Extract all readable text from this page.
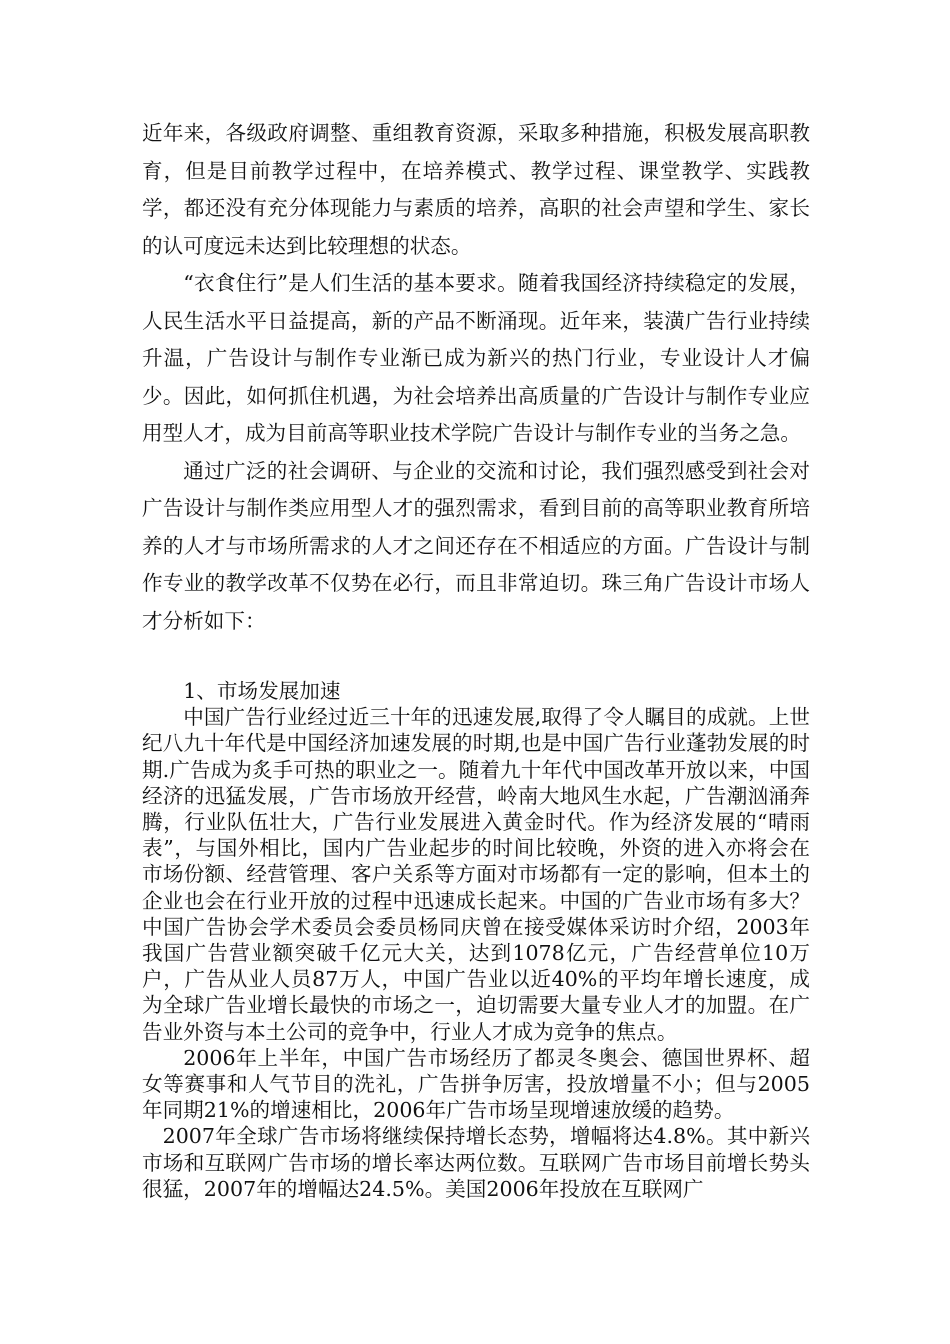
近年来，各级政府调整、重组教育资源，采取多种措施，积极发展高职教育，但是目前教学过程中，在培养模式、教学过程、课堂教学、实践教学，都还没有充分体现能力与素质的培养，高职的社会声望和学生、家长的认可度远未达到比较理想的状态。

“衣食住行”是人们生活的基本要求。随着我国经济持续稳定的发展，人民生活水平日益提高，新的产品不断涌现。近年来，装潢广告行业持续升温，广告设计与制作专业渐已成为新兴的热门行业，专业设计人才偏少。因此，如何抓住机遇，为社会培养出高质量的广告设计与制作专业应用型人才，成为目前高等职业技术学院广告设计与制作专业的当务之急。

通过广泛的社会调研、与企业的交流和讨论，我们强烈感受到社会对广告设计与制作类应用型人才的强烈需求，看到目前的高等职业教育所培养的人才与市场所需求的人才之间还存在不相适应的方面。广告设计与制作专业的教学改革不仅势在必行，而且非常迫切。珠三角广告设计市场人才分析如下：

1、市场发展加速

中国广告行业经过近三十年的迅速发展,取得了令人瞩目的成就。上世纪八九十年代是中国经济加速发展的时期,也是中国广告行业蓬勃发展的时期.广告成为炙手可热的职业之一。随着九十年代中国改革开放以来，中国经济的迅猛发展，广告市场放开经营，岭南大地风生水起，广告潮汹涌奔腾，行业队伍壮大，广告行业发展进入黄金时代。作为经济发展的“晴雨表”，与国外相比，国内广告业起步的时间比较晚，外资的进入亦将会在市场份额、经营管理、客户关系等方面对市场都有一定的影响，但本土的企业也会在行业开放的过程中迅速成长起来。中国的广告业市场有多大？中国广告协会学术委员会委员杨同庆曾在接受媒体采访时介绍，2003年我国广告营业额突破千亿元大关，达到1078亿元，广告经营单位10万户，广告从业人员87万人，中国广告业以近40%的平均年增长速度，成为全球广告业增长最快的市场之一，迫切需要大量专业人才的加盟。在广告业外资与本土公司的竞争中，行业人才成为竞争的焦点。

2006年上半年，中国广告市场经历了都灵冬奥会、德国世界杯、超女等赛事和人气节目的洗礼，广告拼争厉害，投放增量不小；但与2005年同期21%的增速相比，2006年广告市场呈现增速放缓的趋势。

2007年全球广告市场将继续保持增长态势，增幅将达4.8%。其中新兴市场和互联网广告市场的增长率达两位数。互联网广告市场目前增长势头很猛，2007年的增幅达24.5%。美国2006年投放在互联网广
